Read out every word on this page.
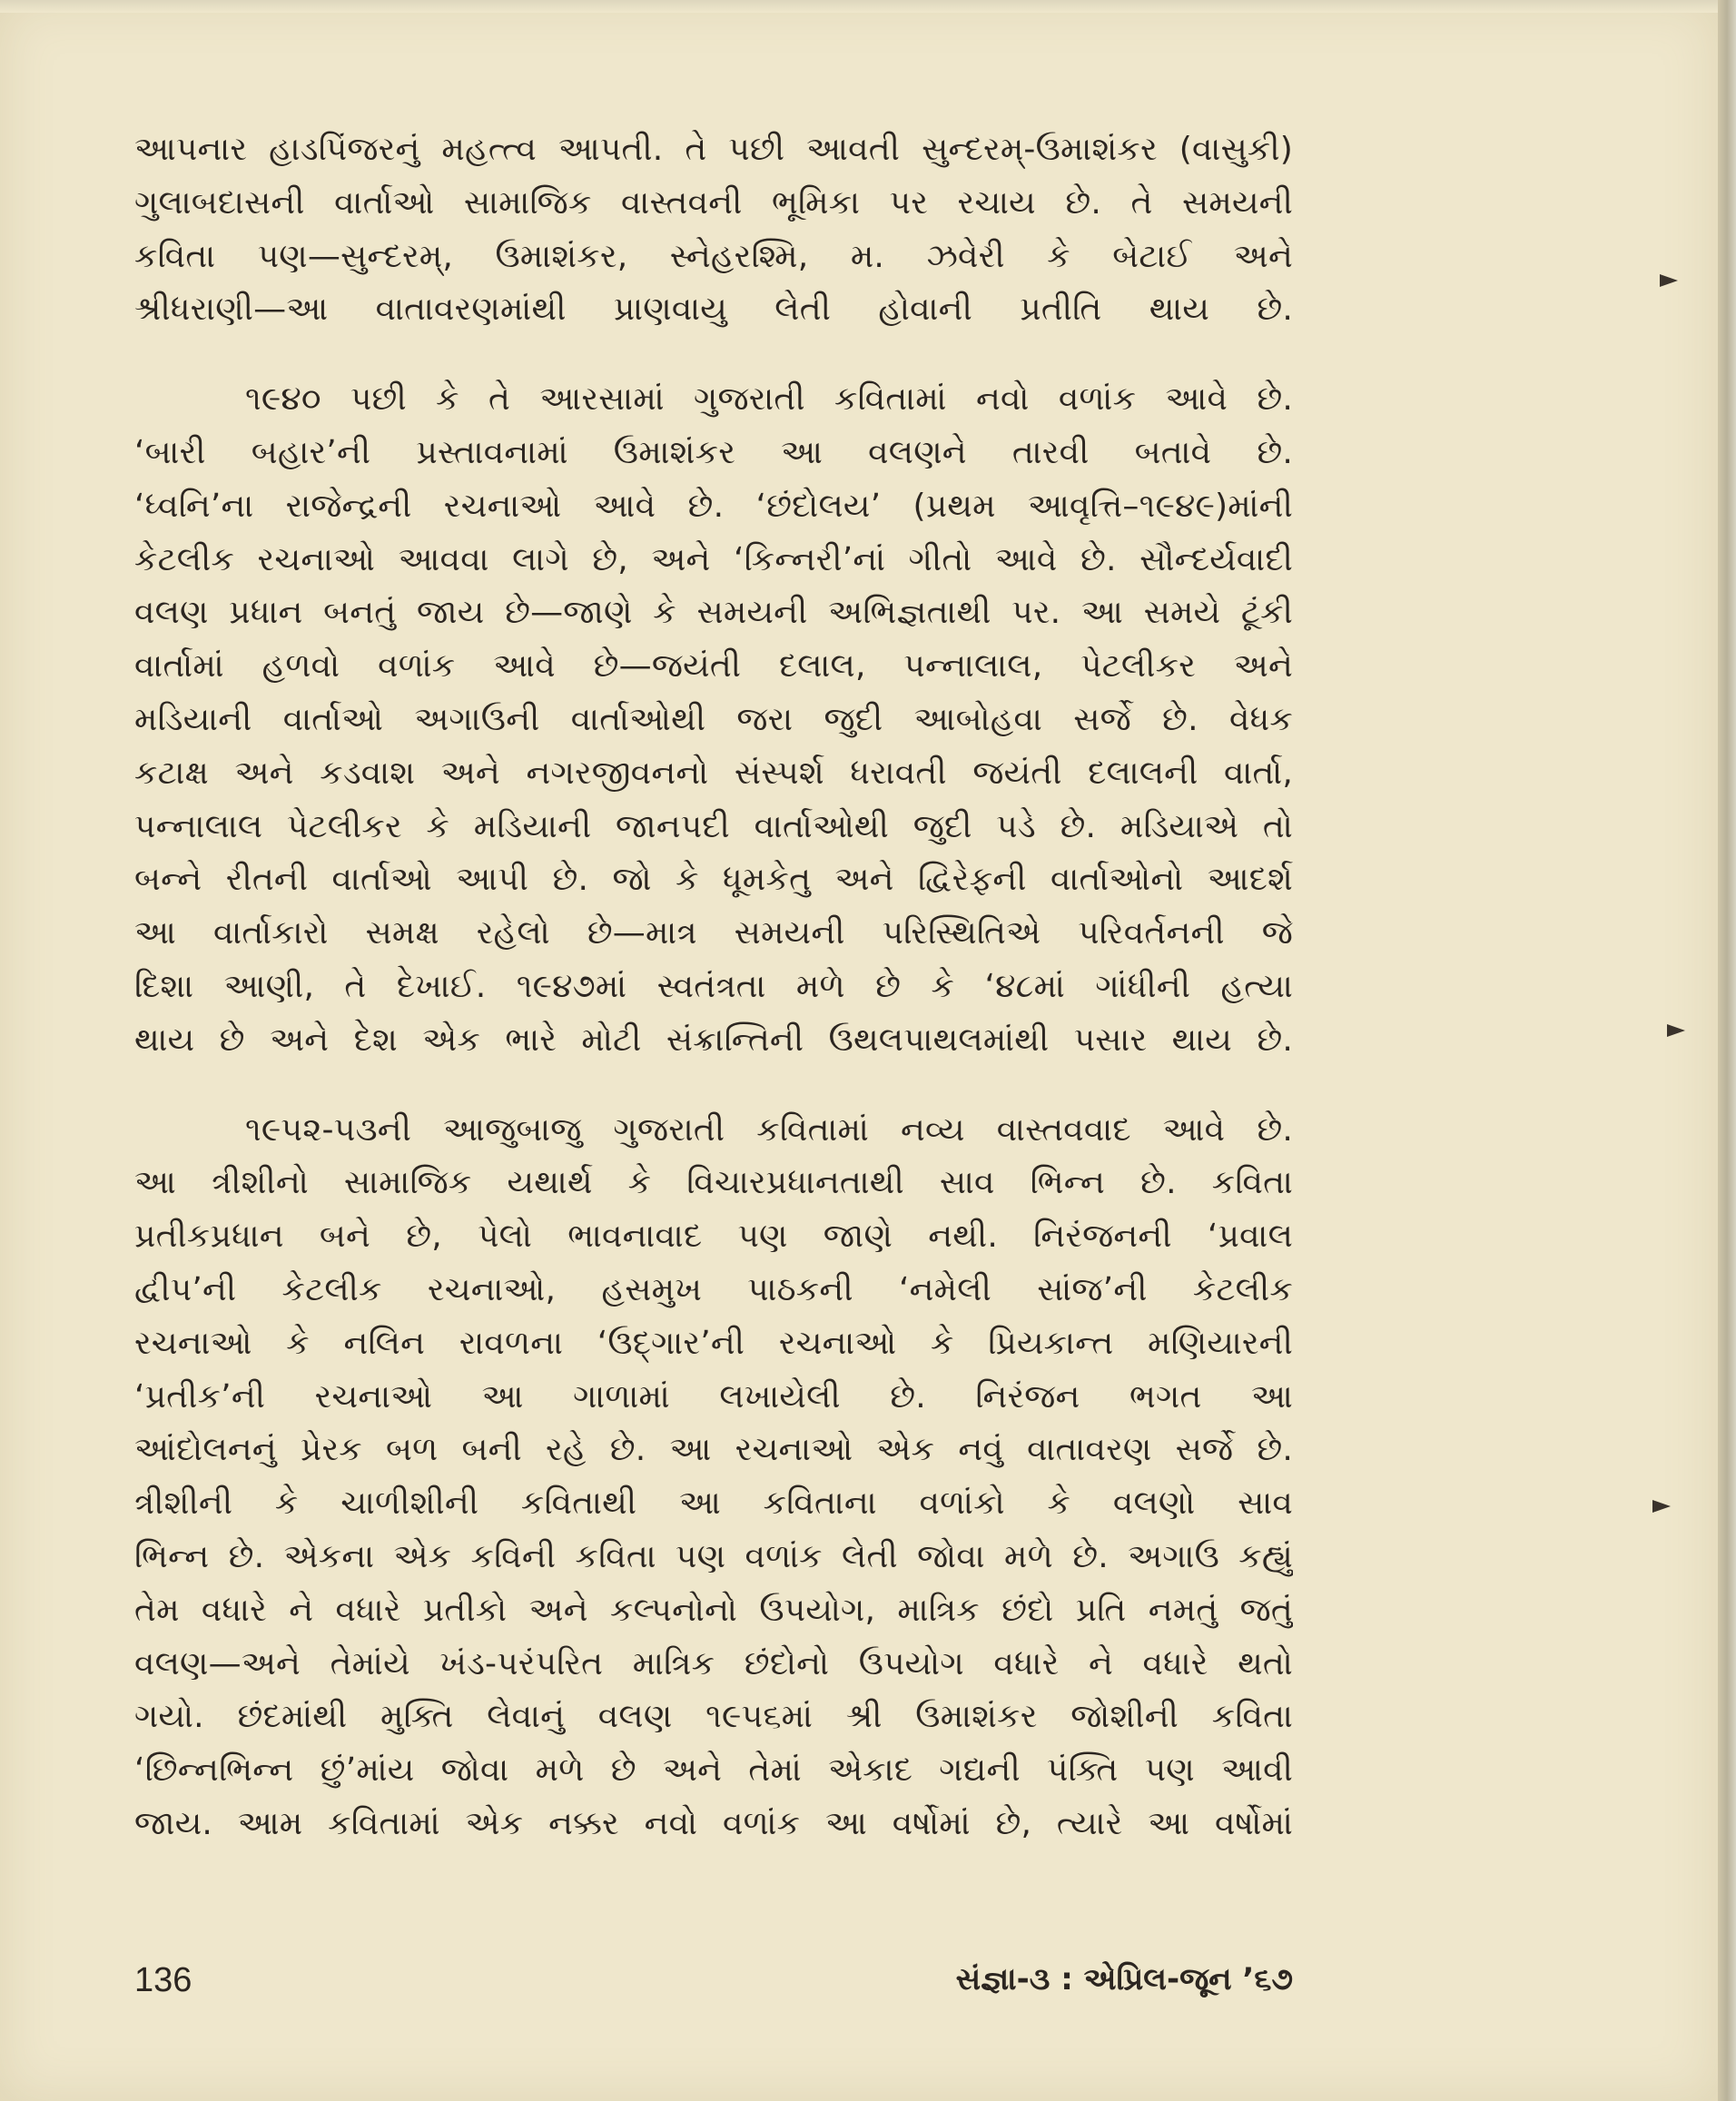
આપનાર હાડપિંજરનું મહત્ત્વ આપતી. તે પછી આવતી સુન્દરમ્-ઉમાશંકર (વાસુકી)
ગુલાબદાસની વાર્તાઓ સામાજિક વાસ્તવની ભૂમિકા પર રચાય છે. તે સમયની
કવિતા પણ—સુન્દરમ્, ઉમાશંકર, સ્નેહરશ્મિ, મ. ઝવેરી કે બેટાઈ અને
શ્રીધરાણી—આ વાતાવરણમાંથી પ્રાણવાયુ લેતી હોવાની પ્રતીતિ થાય છે.
૧૯૪૦ પછી કે તે આરસામાં ગુજરાતી કવિતામાં નવો વળાંક આવે છે.
‘બારી બહાર’ની પ્રસ્તાવનામાં ઉમાશંકર આ વલણને તારવી બતાવે છે.
‘ધ્વનિ’ના રાજેન્દ્રની રચનાઓ આવે છે. ‘છંદોલય’ (પ્રથમ આવૃત્તિ–૧૯૪૯)માંની
કેટલીક રચનાઓ આવવા લાગે છે, અને ‘કિન્નરી’નાં ગીતો આવે છે. સૌન્દર્યવાદી
વલણ પ્રધાન બનતું જાય છે—જાણે કે સમયની અભિજ્ઞતાથી પર. આ સમયે ટૂંકી
વાર્તામાં હળવો વળાંક આવે છે—જયંતી દલાલ, પન્નાલાલ, પેટલીકર અને
મડિયાની વાર્તાઓ અગાઉની વાર્તાઓથી જરા જુદી આબોહવા સર્જે છે. વેધક
કટાક્ષ અને કડવાશ અને નગરજીવનનો સંસ્પર્શ ધરાવતી જયંતી દલાલની વાર્તા,
પન્નાલાલ પેટલીકર કે મડિયાની જાનપદી વાર્તાઓથી જુદી પડે છે. મડિયાએ તો
બન્ને રીતની વાર્તાઓ આપી છે. જો કે ધૂમકેતુ અને દ્વિરેફની વાર્તાઓનો આદર્શ
આ વાર્તાકારો સમક્ષ રહેલો છે—માત્ર સમયની પરિસ્થિતિએ પરિવર્તનની જે
દિશા આણી, તે દેખાઈ. ૧૯૪૭માં સ્વતંત્રતા મળે છે કે ‘૪૮માં ગાંધીની હત્યા
થાય છે અને દેશ એક ભારે મોટી સંક્રાન્તિની ઉથલપાથલમાંથી પસાર થાય છે.
૧૯૫૨-૫૩ની આજુબાજુ ગુજરાતી કવિતામાં નવ્ય વાસ્તવવાદ આવે છે.
આ ત્રીશીનો સામાજિક યથાર્થ કે વિચારપ્રધાનતાથી સાવ ભિન્ન છે. કવિતા
પ્રતીકપ્રધાન બને છે, પેલો ભાવનાવાદ પણ જાણે નથી. નિરંજનની ‘પ્રવાલ
દ્વીપ’ની કેટલીક રચનાઓ, હસમુખ પાઠકની ‘નમેલી સાંજ’ની કેટલીક
રચનાઓ કે નલિન રાવળના ‘ઉદ્‌ગાર’ની રચનાઓ કે પ્રિયકાન્ત મણિયારની
‘પ્રતીક’ની રચનાઓ આ ગાળામાં લખાયેલી છે. નિરંજન ભગત આ
આંદોલનનું પ્રેરક બળ બની રહે છે. આ રચનાઓ એક નવું વાતાવરણ સર્જે છે.
ત્રીશીની કે ચાળીશીની કવિતાથી આ કવિતાના વળાંકો કે વલણો સાવ
ભિન્ન છે. એકના એક કવિની કવિતા પણ વળાંક લેતી જોવા મળે છે. અગાઉ કહ્યું
તેમ વધારે ને વધારે પ્રતીકો અને કલ્પનોનો ઉપયોગ, માત્રિક છંદો પ્રતિ નમતું જતું
વલણ—અને તેમાંયે ખંડ-પરંપરિત માત્રિક છંદોનો ઉપયોગ વધારે ને વધારે થતો
ગયો. છંદમાંથી મુક્તિ લેવાનું વલણ ૧૯૫૬માં શ્રી ઉમાશંકર જોશીની કવિતા
‘છિન્નભિન્ન છું’માંય જોવા મળે છે અને તેમાં એકાદ ગદ્યની પંક્તિ પણ આવી
જાય. આમ કવિતામાં એક નક્કર નવો વળાંક આ વર્ષોમાં છે, ત્યારે આ વર્ષોમાં
136	સંજ્ઞા-૩ : એપ્રિલ-જૂન ’૬૭
